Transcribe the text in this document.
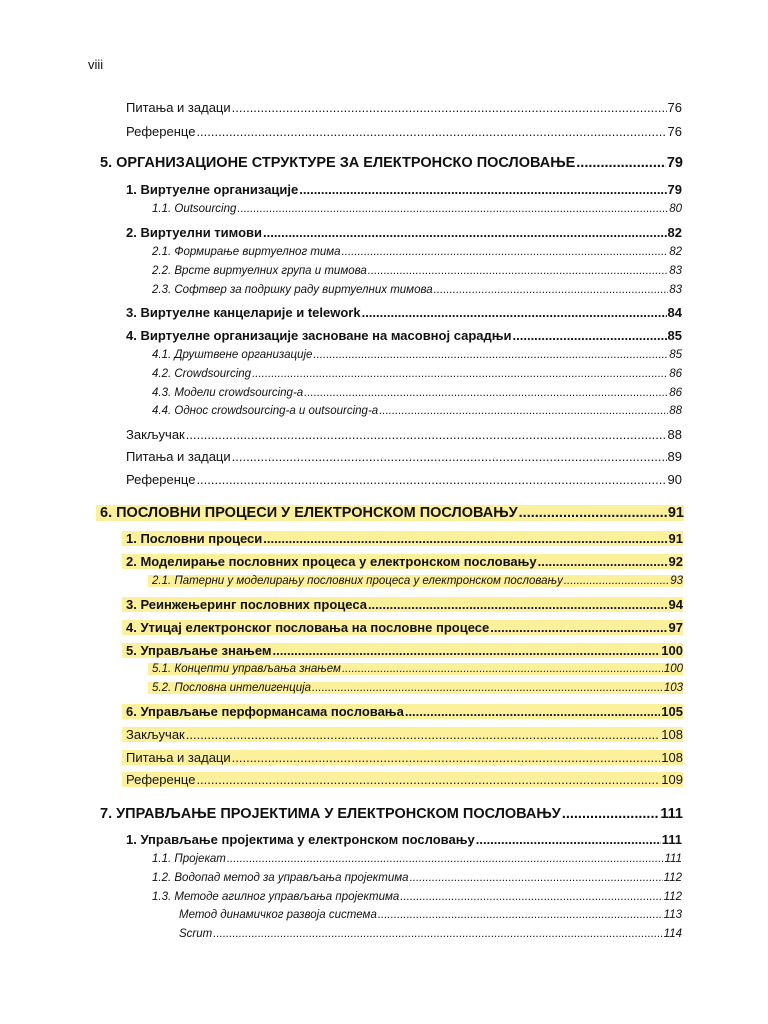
viii
Питања и задаци .....	76
Референце .....	76
5. ОРГАНИЗАЦИОНЕ СТРУКТУРЕ ЗА ЕЛЕКТРОНСКО ПОСЛОВАЊЕ .....	79
1. Виртуелне организације .....	79
1.1. Outsourcing .....	80
2. Виртуелни тимови .....	82
2.1. Формирање виртуелног тима .....	82
2.2. Врсте виртуелних група и тимова .....	83
2.3. Софтвер за подршку раду виртуелних тимова .....	83
3. Виртуелне канцеларије и telework .....	84
4. Виртуелне организације засноване на масовној сарадњи .....	85
4.1. Друштвене организације .....	85
4.2. Crowdsourcing .....	86
4.3. Модели crowdsourcing-а .....	86
4.4. Однос crowdsourcing-а и outsourcing-а .....	88
Закључак .....	88
Питања и задаци .....	89
Референце .....	90
6. ПОСЛОВНИ ПРОЦЕСИ У ЕЛЕКТРОНСКОМ ПОСЛОВАЊУ .....	91
1. Пословни процеси .....	91
2. Моделирање пословних процеса у електронском пословању .....	92
2.1. Патерни у моделирању пословних процеса у електронском пословању .....	93
3. Реинжењеринг пословних процеса .....	94
4. Утицај електронског пословања на пословне процесе .....	97
5. Управљање знањем .....	100
5.1. Концепти управљања знањем .....	100
5.2. Пословна интелигенција .....	103
6. Управљање перформансама пословања .....	105
Закључак .....	108
Питања и задаци .....	108
Референце .....	109
7. УПРАВЉАЊЕ ПРОЈЕКТИМА У ЕЛЕКТРОНСКОМ ПОСЛОВАЊУ .....	111
1. Управљање пројектима у електронском пословању .....	111
1.1. Пројекат .....	111
1.2. Водопад метод за управљања пројектима .....	112
1.3. Методе агилног управљања пројектима .....	112
Метод динамичког развоја система .....	113
Scrum .....	114
